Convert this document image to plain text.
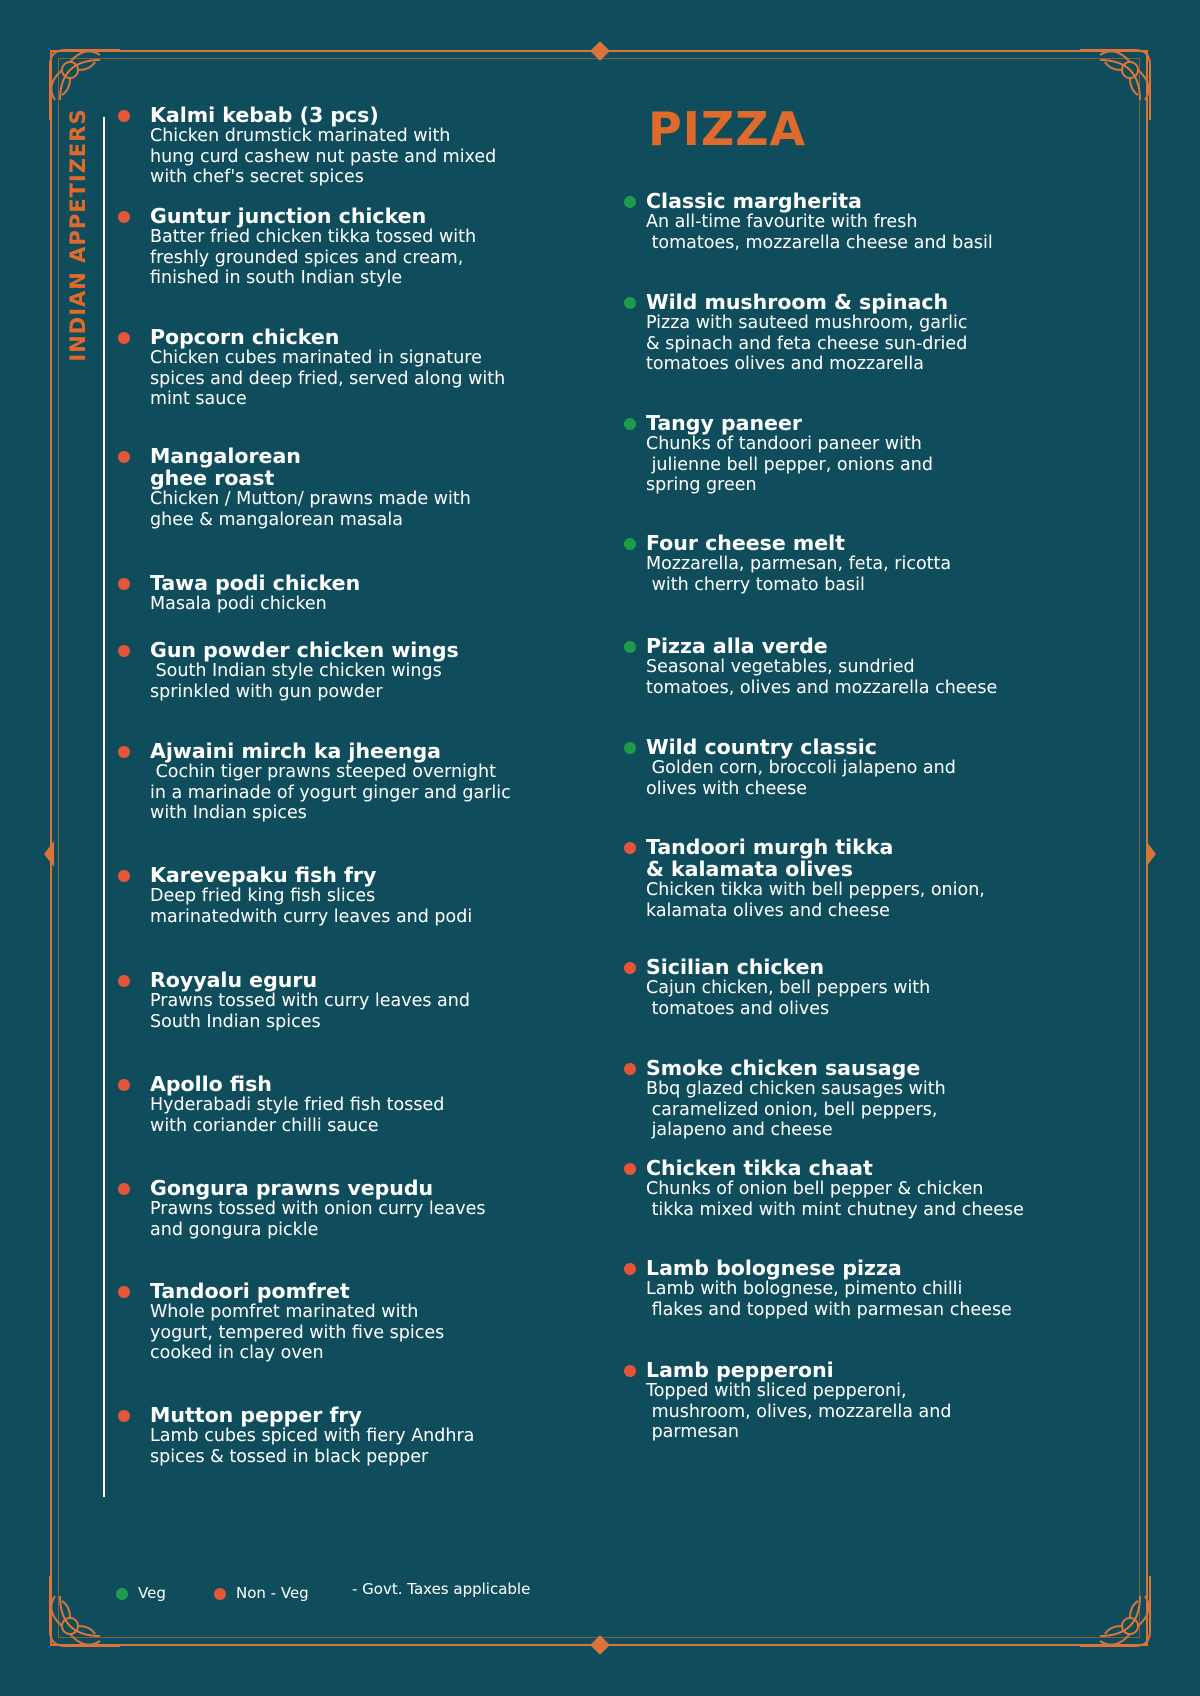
INDIAN APPETIZERS	Kalmi kebab (3 pcs)
Chicken drumstick marinated with
hung curd cashew nut paste and mixed
with chef's secret spices
Guntur junction chicken
Batter fried chicken tikka tossed with
freshly grounded spices and cream,
finished in south Indian style
Popcorn chicken
Chicken cubes marinated in signature
spices and deep fried, served along with
mint sauce
Mangalorean
ghee roast
Chicken / Mutton/ prawns made with
ghee & mangalorean masala
Tawa podi chicken
Masala podi chicken
Gun powder chicken wings
South Indian style chicken wings
sprinkled with gun powder
Ajwaini mirch ka jheenga
Cochin tiger prawns steeped overnight
in a marinade of yogurt ginger and garlic
with Indian spices
Karevepaku fish fry
Deep fried king fish slices
marinatedwith curry leaves and podi
Royyalu eguru
Prawns tossed with curry leaves and
South Indian spices
Apollo fish
Hyderabadi style fried fish tossed
with coriander chilli sauce
Gongura prawns vepudu
Prawns tossed with onion curry leaves
and gongura pickle
Tandoori pomfret
Whole pomfret marinated with
yogurt, tempered with five spices
cooked in clay oven
Mutton pepper fry
Lamb cubes spiced with fiery Andhra
spices & tossed in black pepper
PIZZA
Classic margherita
An all-time favourite with fresh
tomatoes, mozzarella cheese and basil
Wild mushroom & spinach
Pizza with sauteed mushroom, garlic
& spinach and feta cheese sun-dried
tomatoes olives and mozzarella
Tangy paneer
Chunks of tandoori paneer with
julienne bell pepper, onions and
spring green
Four cheese melt
Mozzarella, parmesan, feta, ricotta
with cherry tomato basil
Pizza alla verde
Seasonal vegetables, sundried
tomatoes, olives and mozzarella cheese
Wild country classic
Golden corn, broccoli jalapeno and
olives with cheese
Tandoori murgh tikka
& kalamata olives
Chicken tikka with bell peppers, onion,
kalamata olives and cheese
Sicilian chicken
Cajun chicken, bell peppers with
tomatoes and olives
Smoke chicken sausage
Bbq glazed chicken sausages with
caramelized onion, bell peppers,
jalapeno and cheese
Chicken tikka chaat
Chunks of onion bell pepper & chicken
tikka mixed with mint chutney and cheese
Lamb bolognese pizza
Lamb with bolognese, pimento chilli
flakes and topped with parmesan cheese
Lamb pepperoni
Topped with sliced pepperoni,
mushroom, olives, mozzarella and
parmesan
Veg	Non - Veg	- Govt. Taxes applicable
